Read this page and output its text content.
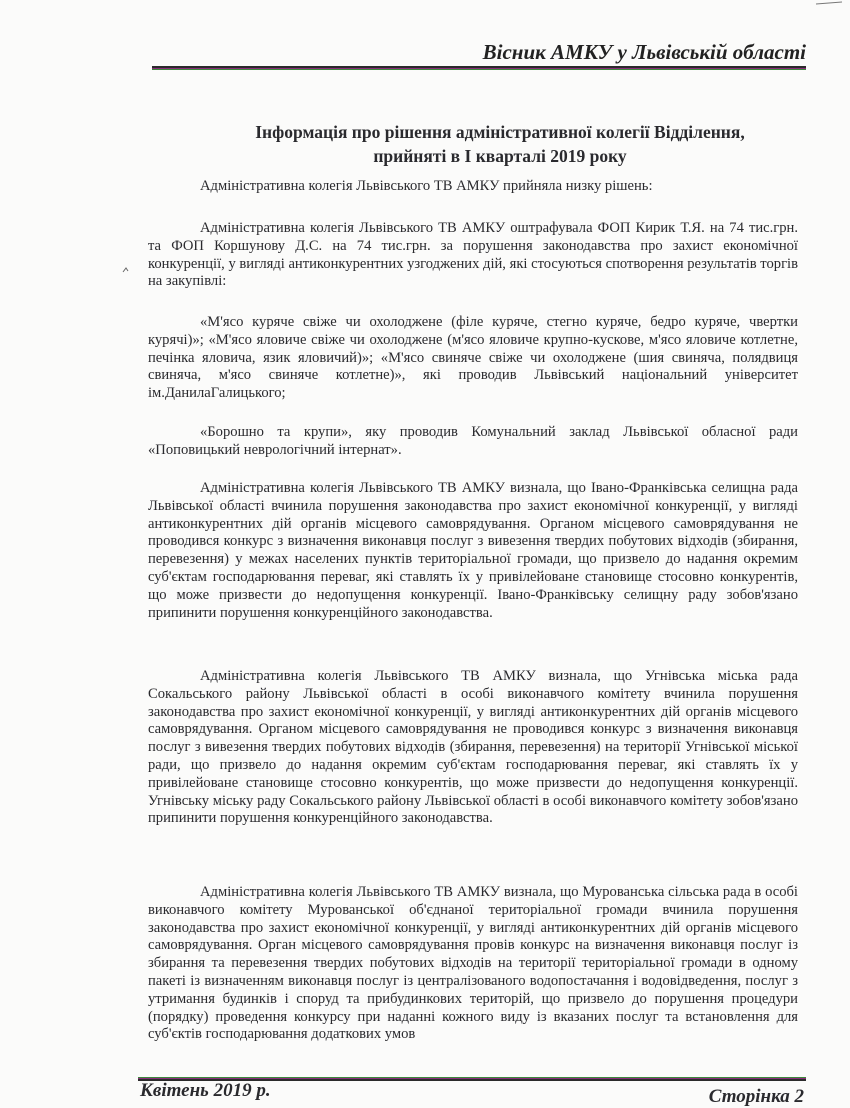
Вісник АМКУ у Львівській області
Інформація про рішення адміністративної колегії Відділення,
прийняті в І кварталі 2019 року

Адміністративна колегія Львівського ТВ АМКУ прийняла низку рішень:

Адміністративна колегія Львівського ТВ АМКУ оштрафувала ФОП Кирик Т.Я. на 74 тис.грн. та ФОП Коршунову Д.С. на 74 тис.грн. за порушення законодавства про захист економічної конкуренції, у вигляді антиконкурентних узгоджених дій, які стосуються спотворення результатів торгів на закупівлі:

«М'ясо куряче свіже чи охолоджене (філе куряче, стегно куряче, бедро куряче, чвертки курячі)»; «М'ясо яловиче свіже чи охолоджене (м'ясо яловиче крупно-кускове, м'ясо яловиче котлетне, печінка яловича, язик яловичий)»; «М'ясо свиняче свіже чи охолоджене (шия свиняча, полядвиця свиняча, м'ясо свиняче котлетне)», які проводив Львівський національний університет ім.ДанилаГалицького;

«Борошно та крупи», яку проводив Комунальний заклад Львівської обласної ради «Поповицький неврологічний інтернат».

Адміністративна колегія Львівського ТВ АМКУ визнала, що Івано-Франківська селищна рада Львівської області вчинила порушення законодавства про захист економічної конкуренції, у вигляді антиконкурентних дій органів місцевого самоврядування. Органом місцевого самоврядування не проводився конкурс з визначення виконавця послуг з вивезення твердих побутових відходів (збирання, перевезення) у межах населених пунктів територіальної громади, що призвело до надання окремим суб'єктам господарювання переваг, які ставлять їх у привілейоване становище стосовно конкурентів, що може призвести до недопущення конкуренції. Івано-Франківську селищну раду зобов'язано припинити порушення конкуренційного законодавства.

Адміністративна колегія Львівського ТВ АМКУ визнала, що Угнівська міська рада Сокальського району Львівської області в особі виконавчого комітету вчинила порушення законодавства про захист економічної конкуренції, у вигляді антиконкурентних дій органів місцевого самоврядування. Органом місцевого самоврядування не проводився конкурс з визначення виконавця послуг з вивезення твердих побутових відходів (збирання, перевезення) на території Угнівської міської ради, що призвело до надання окремим суб'єктам господарювання переваг, які ставлять їх у привілейоване становище стосовно конкурентів, що може призвести до недопущення конкуренції. Угнівську міську раду Сокальського району Львівської області в особі виконавчого комітету зобов'язано припинити порушення конкуренційного законодавства.

Адміністративна колегія Львівського ТВ АМКУ визнала, що Мурованська сільська рада в особі виконавчого комітету Мурованської об'єднаної територіальної громади вчинила порушення законодавства про захист економічної конкуренції, у вигляді антиконкурентних дій органів місцевого самоврядування. Орган місцевого самоврядування провів конкурс на визначення виконавця послуг із збирання та перевезення твердих побутових відходів на території територіальної громади в одному пакеті із визначенням виконавця послуг із централізованого водопостачання і водовідведення, послуг з утримання будинків і споруд та прибудинкових територій, що призвело до порушення процедури (порядку) проведення конкурсу при наданні кожного виду із вказаних послуг та встановлення для суб'єктів господарювання додаткових умов

Квітень 2019 р.	Сторінка 2
